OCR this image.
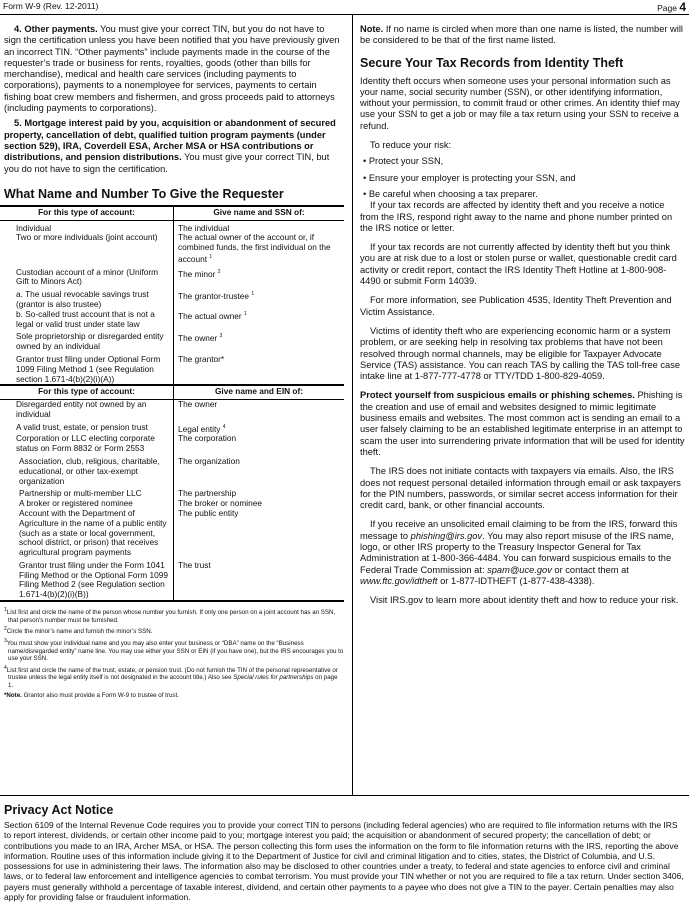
Form W-9 (Rev. 12-2011)	Page 4

4. Other payments. You must give your correct TIN, but you do not have to sign the certification unless you have been notified that you have previously given an incorrect TIN. “Other payments” include payments made in the course of the requester’s trade or business for rents, royalties, goods (other than bills for merchandise), medical and health care services (including payments to corporations), payments to a nonemployee for services, payments to certain fishing boat crew members and fishermen, and gross proceeds paid to attorneys (including payments to corporations).

5. Mortgage interest paid by you, acquisition or abandonment of secured property, cancellation of debt, qualified tuition program payments (under section 529), IRA, Coverdell ESA, Archer MSA or HSA contributions or distributions, and pension distributions. You must give your correct TIN, but you do not have to sign the certification.

What Name and Number To Give the Requester
For this type of account:	Give name and SSN of:

Individual	The individual

Two or more individuals (joint account)	The actual owner of the account or, if combined funds, the first individual on the account $^1$

Custodian account of a minor (Uniform Gift to Minors Act)	The minor $^2$

a. The usual revocable savings trust (grantor is also trustee)	The grantor-trustee $^1$

b. So-called trust account that is not a legal or valid trust under state law	The actual owner $^1$

Sole proprietorship or disregarded entity owned by an individual	The owner $^3$

Grantor trust filing under Optional Form 1099 Filing Method 1 (see Regulation section 1.671-4(b)(2)(i)(A))	The grantor*
For this type of account:	Give name and EIN of:

Disregarded entity not owned by an individual	The owner

A valid trust, estate, or pension trust	Legal entity $^4$

Corporation or LLC electing corporate status on Form 8832 or Form 2553	The corporation

Association, club, religious, charitable, educational, or other tax-exempt organization	The organization

Partnership or multi-member LLC	The partnership

A broker or registered nominee	The broker or nominee

Account with the Department of Agriculture in the name of a public entity (such as a state or local government, school district, or prison) that receives agricultural program payments	The public entity

Grantor trust filing under the Form 1041 Filing Method or the Optional Form 1099 Filing Method 2 (see Regulation section 1.671-4(b)(2)(i)(B))	The trust
$^1$List first and circle the name of the person whose number you furnish. If only one person on a joint account has an SSN, that person’s number must be furnished.
$^2$Circle the minor’s name and furnish the minor’s SSN.
$^3$You must show your individual name and you may also enter your business or “DBA” name on the “Business name/disregarded entity” name line. You may use either your SSN or EIN (if you have one), but the IRS encourages you to use your SSN.
$^4$List first and circle the name of the trust, estate, or pension trust. (Do not furnish the TIN of the personal representative or trustee unless the legal entity itself is not designated in the account title.) Also see Special rules for partnerships on page 1.
*Note. Grantor also must provide a Form W-9 to trustee of trust.

Note. If no name is circled when more than one name is listed, the number will be considered to be that of the first name listed.

Secure Your Tax Records from Identity Theft

Identity theft occurs when someone uses your personal information such as your name, social security number (SSN), or other identifying information, without your permission, to commit fraud or other crimes. An identity thief may use your SSN to get a job or may file a tax return using your SSN to receive a refund.

To reduce your risk:

• Protect your SSN,
• Ensure your employer is protecting your SSN, and
• Be careful when choosing a tax preparer.

If your tax records are affected by identity theft and you receive a notice from the IRS, respond right away to the name and phone number printed on the IRS notice or letter.

If your tax records are not currently affected by identity theft but you think you are at risk due to a lost or stolen purse or wallet, questionable credit card activity or credit report, contact the IRS Identity Theft Hotline at 1-800-908-4490 or submit Form 14039.

For more information, see Publication 4535, Identity Theft Prevention and Victim Assistance.

Victims of identity theft who are experiencing economic harm or a system problem, or are seeking help in resolving tax problems that have not been resolved through normal channels, may be eligible for Taxpayer Advocate Service (TAS) assistance. You can reach TAS by calling the TAS toll-free case intake line at 1-877-777-4778 or TTY/TDD 1-800-829-4059.

Protect yourself from suspicious emails or phishing schemes. Phishing is the creation and use of email and websites designed to mimic legitimate business emails and websites. The most common act is sending an email to a user falsely claiming to be an established legitimate enterprise in an attempt to scam the user into surrendering private information that will be used for identity theft.

The IRS does not initiate contacts with taxpayers via emails. Also, the IRS does not request personal detailed information through email or ask taxpayers for the PIN numbers, passwords, or similar secret access information for their credit card, bank, or other financial accounts.

If you receive an unsolicited email claiming to be from the IRS, forward this message to phishing@irs.gov. You may also report misuse of the IRS name, logo, or other IRS property to the Treasury Inspector General for Tax Administration at 1-800-366-4484. You can forward suspicious emails to the Federal Trade Commission at: spam@uce.gov or contact them at www.ftc.gov/idtheft or 1-877-IDTHEFT (1-877-438-4338).

Visit IRS.gov to learn more about identity theft and how to reduce your risk.

Privacy Act Notice

Section 6109 of the Internal Revenue Code requires you to provide your correct TIN to persons (including federal agencies) who are required to file information returns with the IRS to report interest, dividends, or certain other income paid to you; mortgage interest you paid; the acquisition or abandonment of secured property; the cancellation of debt; or contributions you made to an IRA, Archer MSA, or HSA. The person collecting this form uses the information on the form to file information returns with the IRS, reporting the above information. Routine uses of this information include giving it to the Department of Justice for civil and criminal litigation and to cities, states, the District of Columbia, and U.S. possessions for use in administering their laws. The information also may be disclosed to other countries under a treaty, to federal and state agencies to enforce civil and criminal laws, or to federal law enforcement and intelligence agencies to combat terrorism. You must provide your TIN whether or not you are required to file a tax return. Under section 3406, payers must generally withhold a percentage of taxable interest, dividend, and certain other payments to a payee who does not give a TIN to the payer. Certain penalties may also apply for providing false or fraudulent information.
